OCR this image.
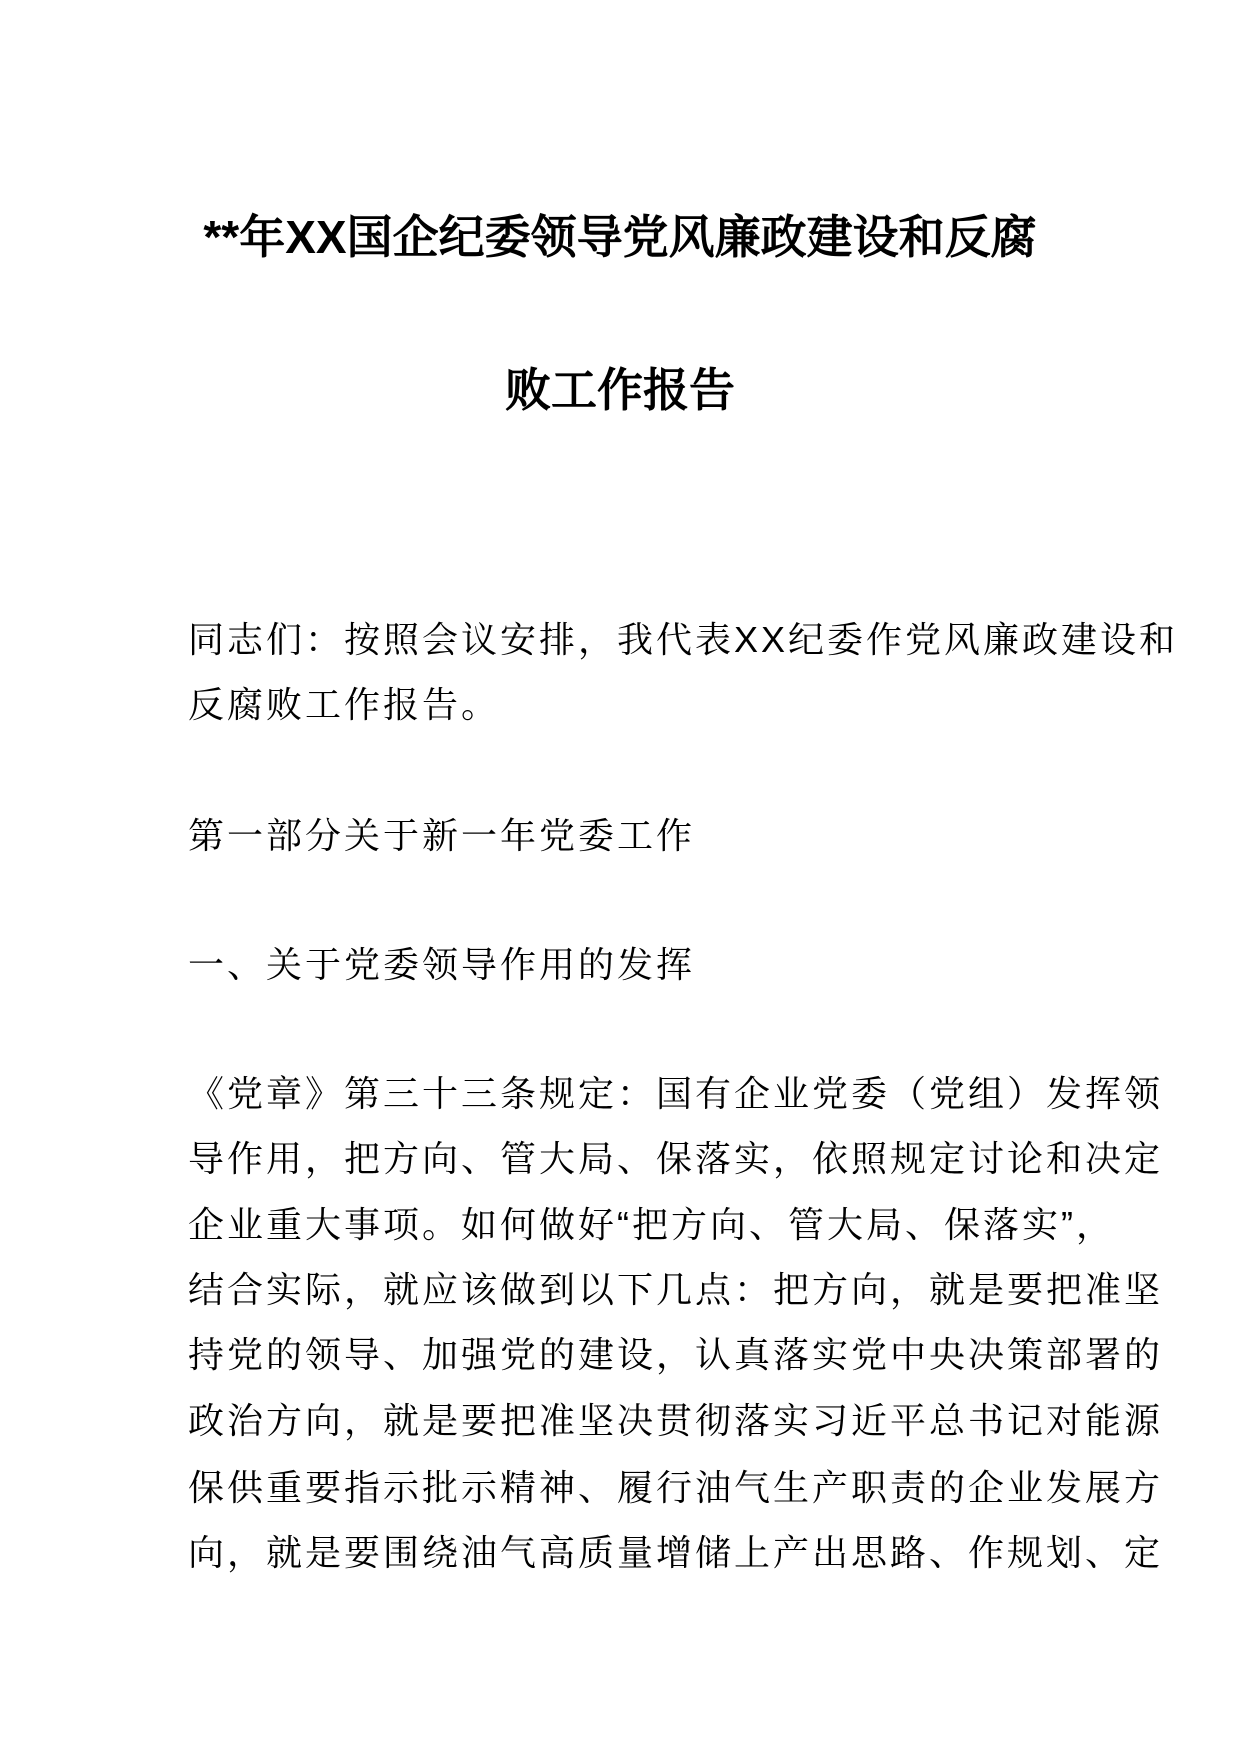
**年XX国企纪委领导党风廉政建设和反腐
败工作报告
同志们：按照会议安排，我代表XX纪委作党风廉政建设和
反腐败工作报告。
第一部分关于新一年党委工作
一、关于党委领导作用的发挥
《党章》第三十三条规定：国有企业党委（党组）发挥领
导作用，把方向、管大局、保落实，依照规定讨论和决定
企业重大事项。如何做好“把方向、管大局、保落实”，
结合实际，就应该做到以下几点：把方向，就是要把准坚
持党的领导、加强党的建设，认真落实党中央决策部署的
政治方向，就是要把准坚决贯彻落实习近平总书记对能源
保供重要指示批示精神、履行油气生产职责的企业发展方
向，就是要围绕油气高质量增储上产出思路、作规划、定
